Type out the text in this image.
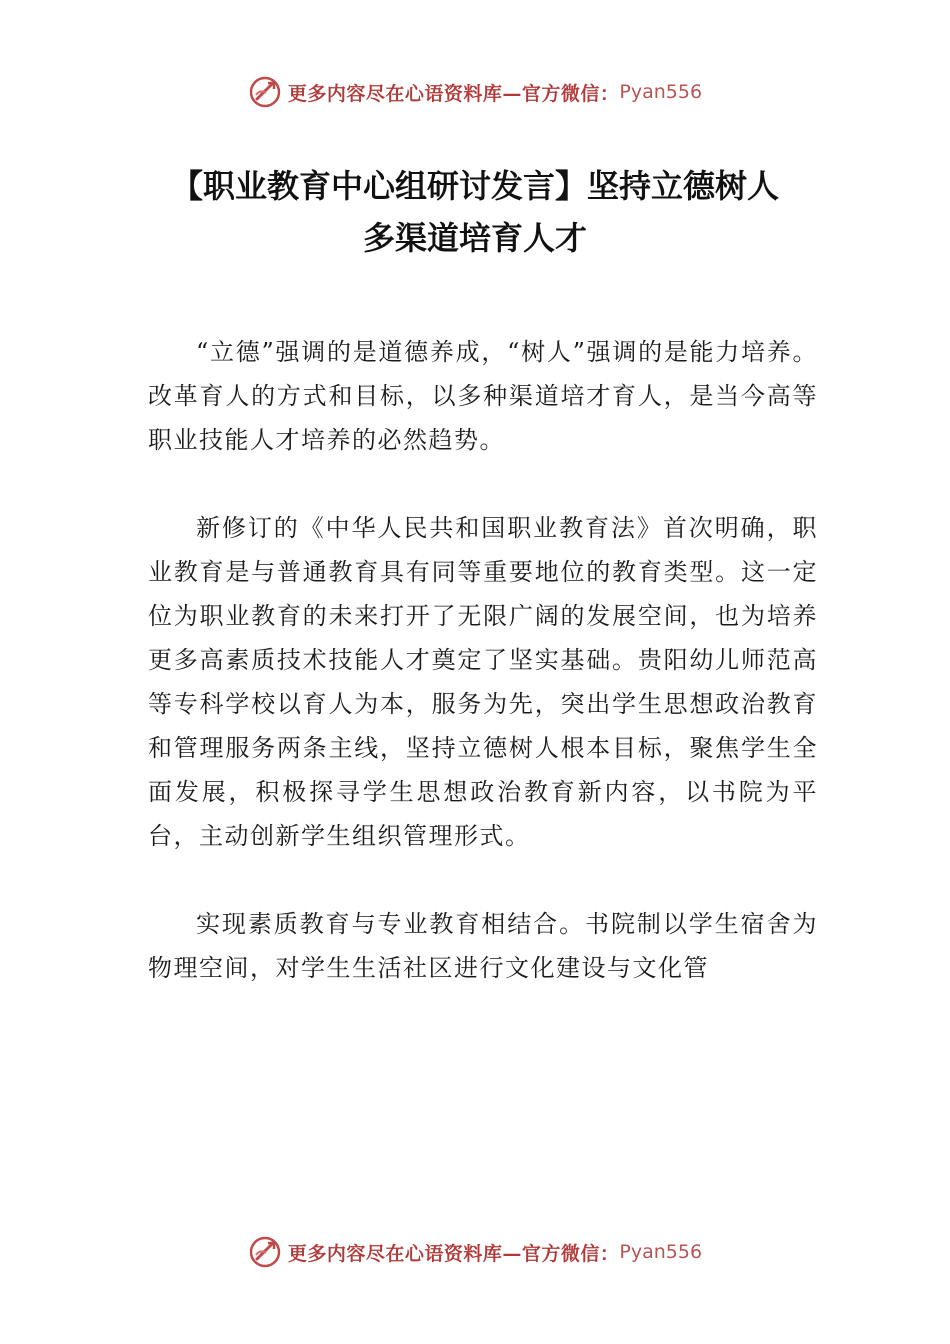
更多内容尽在心语资料库—官方微信： Pyan556
【职业教育中心组研讨发言】坚持立德树人
多渠道培育人才

“立德”强调的是道德养成，“树人”强调的是能力培养。改革育人的方式和目标，以多种渠道培才育人，是当今高等职业技能人才培养的必然趋势。

新修订的《中华人民共和国职业教育法》首次明确，职业教育是与普通教育具有同等重要地位的教育类型。这一定位为职业教育的未来打开了无限广阔的发展空间，也为培养更多高素质技术技能人才奠定了坚实基础。贵阳幼儿师范高等专科学校以育人为本，服务为先，突出学生思想政治教育和管理服务两条主线，坚持立德树人根本目标，聚焦学生全面发展，积极探寻学生思想政治教育新内容，以书院为平台，主动创新学生组织管理形式。

实现素质教育与专业教育相结合。书院制以学生宿舍为物理空间，对学生生活社区进行文化建设与文化管

更多内容尽在心语资料库—官方微信： Pyan556
